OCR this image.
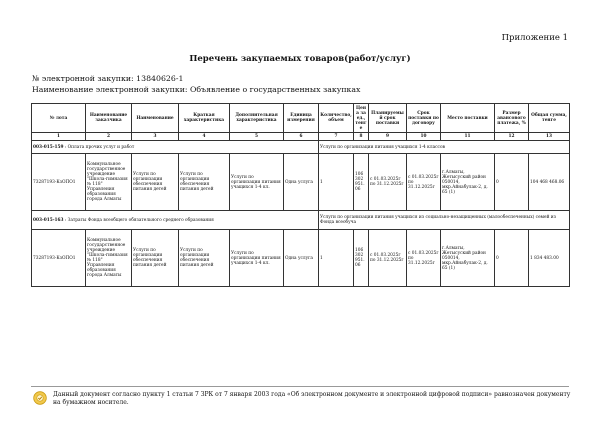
Приложение 1
Перечень закупаемых товаров(работ/услуг)
№ электронной закупки: 13840626-1
Наименование электронной закупки: Объявление о государственных закупках
№ лота	Наименование заказчика	Наименование	Краткая характеристика	Дополнительная характеристика	Единица измерения	Количество, объем	Цена за ед., тенге	Планируемый срок поставки	Срок поставки по договору	Место поставки	Размер авансового платежа, %	Общая сумма, тенге
1	2	3	4	5	6	7	8	9	10	11	12	13
003-015-159 : Оплата прочих услуг и работ						Услуги по организации питания учащихся 1-4 классов						
73287193-КзОПО1	Коммунальное государственное учреждение "Школа-гимназия № 118" Управления образования города Алматы	Услуги по организации обеспечения питания детей	Услуги по организации обеспечения питания детей	Услуги по организации питания учащихся 1-4 кл.	Одна услуга	1	106 302 951.06	с 01.03.2025г по 31.12.2025г	с 01.03.2025г по 31.12.2025г	г.Алматы, Жетысуский район 050014, мкр.Айнабулак-2, д. 65 (1)	0	104 468 468.06
003-015-163 : Затраты Фонда всеобщего обязательного среднего образования						Услуги по организации питания учащихся из социально-незащищенных (малообеспеченных) семей из Фонда всеобуча						
73287193-КзОПО1	Коммунальное государственное учреждение "Школа-гимназия № 118" Управления образования города Алматы	Услуги по организации обеспечения питания детей	Услуги по организации обеспечения питания детей	Услуги по организации питания учащихся 1-4 кл.	Одна услуга	1	106 302 951.06	с 01.03.2025г по 31.12.2025г	с 01.03.2025г по 31.12.2025г	г.Алматы, Жетысуский район 050014, мкр.Айнабулак-2, д. 65 (1)	0	1 834 483.00
Данный документ согласно пункту 1 статьи 7 ЗРК от 7 января 2003 года «Об электронном документе и электронной цифровой подписи» равнозначен документу на бумажном носителе.
